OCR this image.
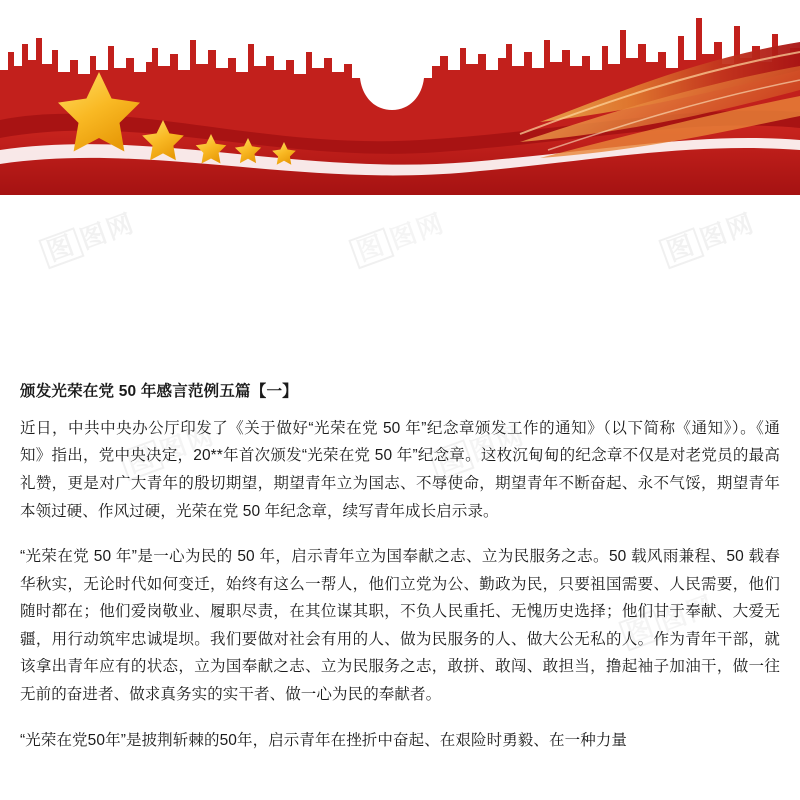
图图网	图图网
颁发光荣在党 50 年感言范例五篇【一】

近日，中共中央办公厅印发了《关于做好“光荣在党 50 年”纪念章颁发工作的通知》（以下简称《通知》）。《通知》指出，党中央决定，20**年首次颁发“光荣在党 50 年”纪念章。这枚沉甸甸的纪念章不仅是对老党员的最高礼赞，更是对广大青年的殷切期望，期望青年立为国志、不辱使命，期望青年不断奋起、永不气馁，期望青年本领过硬、作风过硬，光荣在党 50 年纪念章，续写青年成长启示录。

“光荣在党 50 年”是一心为民的 50 年，启示青年立为国奉献之志、立为民服务之志。50 载风雨兼程、50 载春华秋实，无论时代如何变迁，始终有这么一帮人，他们立党为公、勤政为民，只要祖国需要、人民需要，他们随时都在；他们爱岗敬业、履职尽责，在其位谋其职，不负人民重托、无愧历史选择；他们甘于奉献、大爱无疆，用行动筑牢忠诚堤坝。我们要做对社会有用的人、做为民服务的人、做大公无私的人。作为青年干部，就该拿出青年应有的状态，立为国奉献之志、立为民服务之志，敢拼、敢闯、敢担当，撸起袖子加油干，做一往无前的奋进者、做求真务实的实干者、做一心为民的奉献者。

“光荣在党50年”是披荆斩棘的50年，启示青年在挫折中奋起、在艰险时勇毅、在一种力量
